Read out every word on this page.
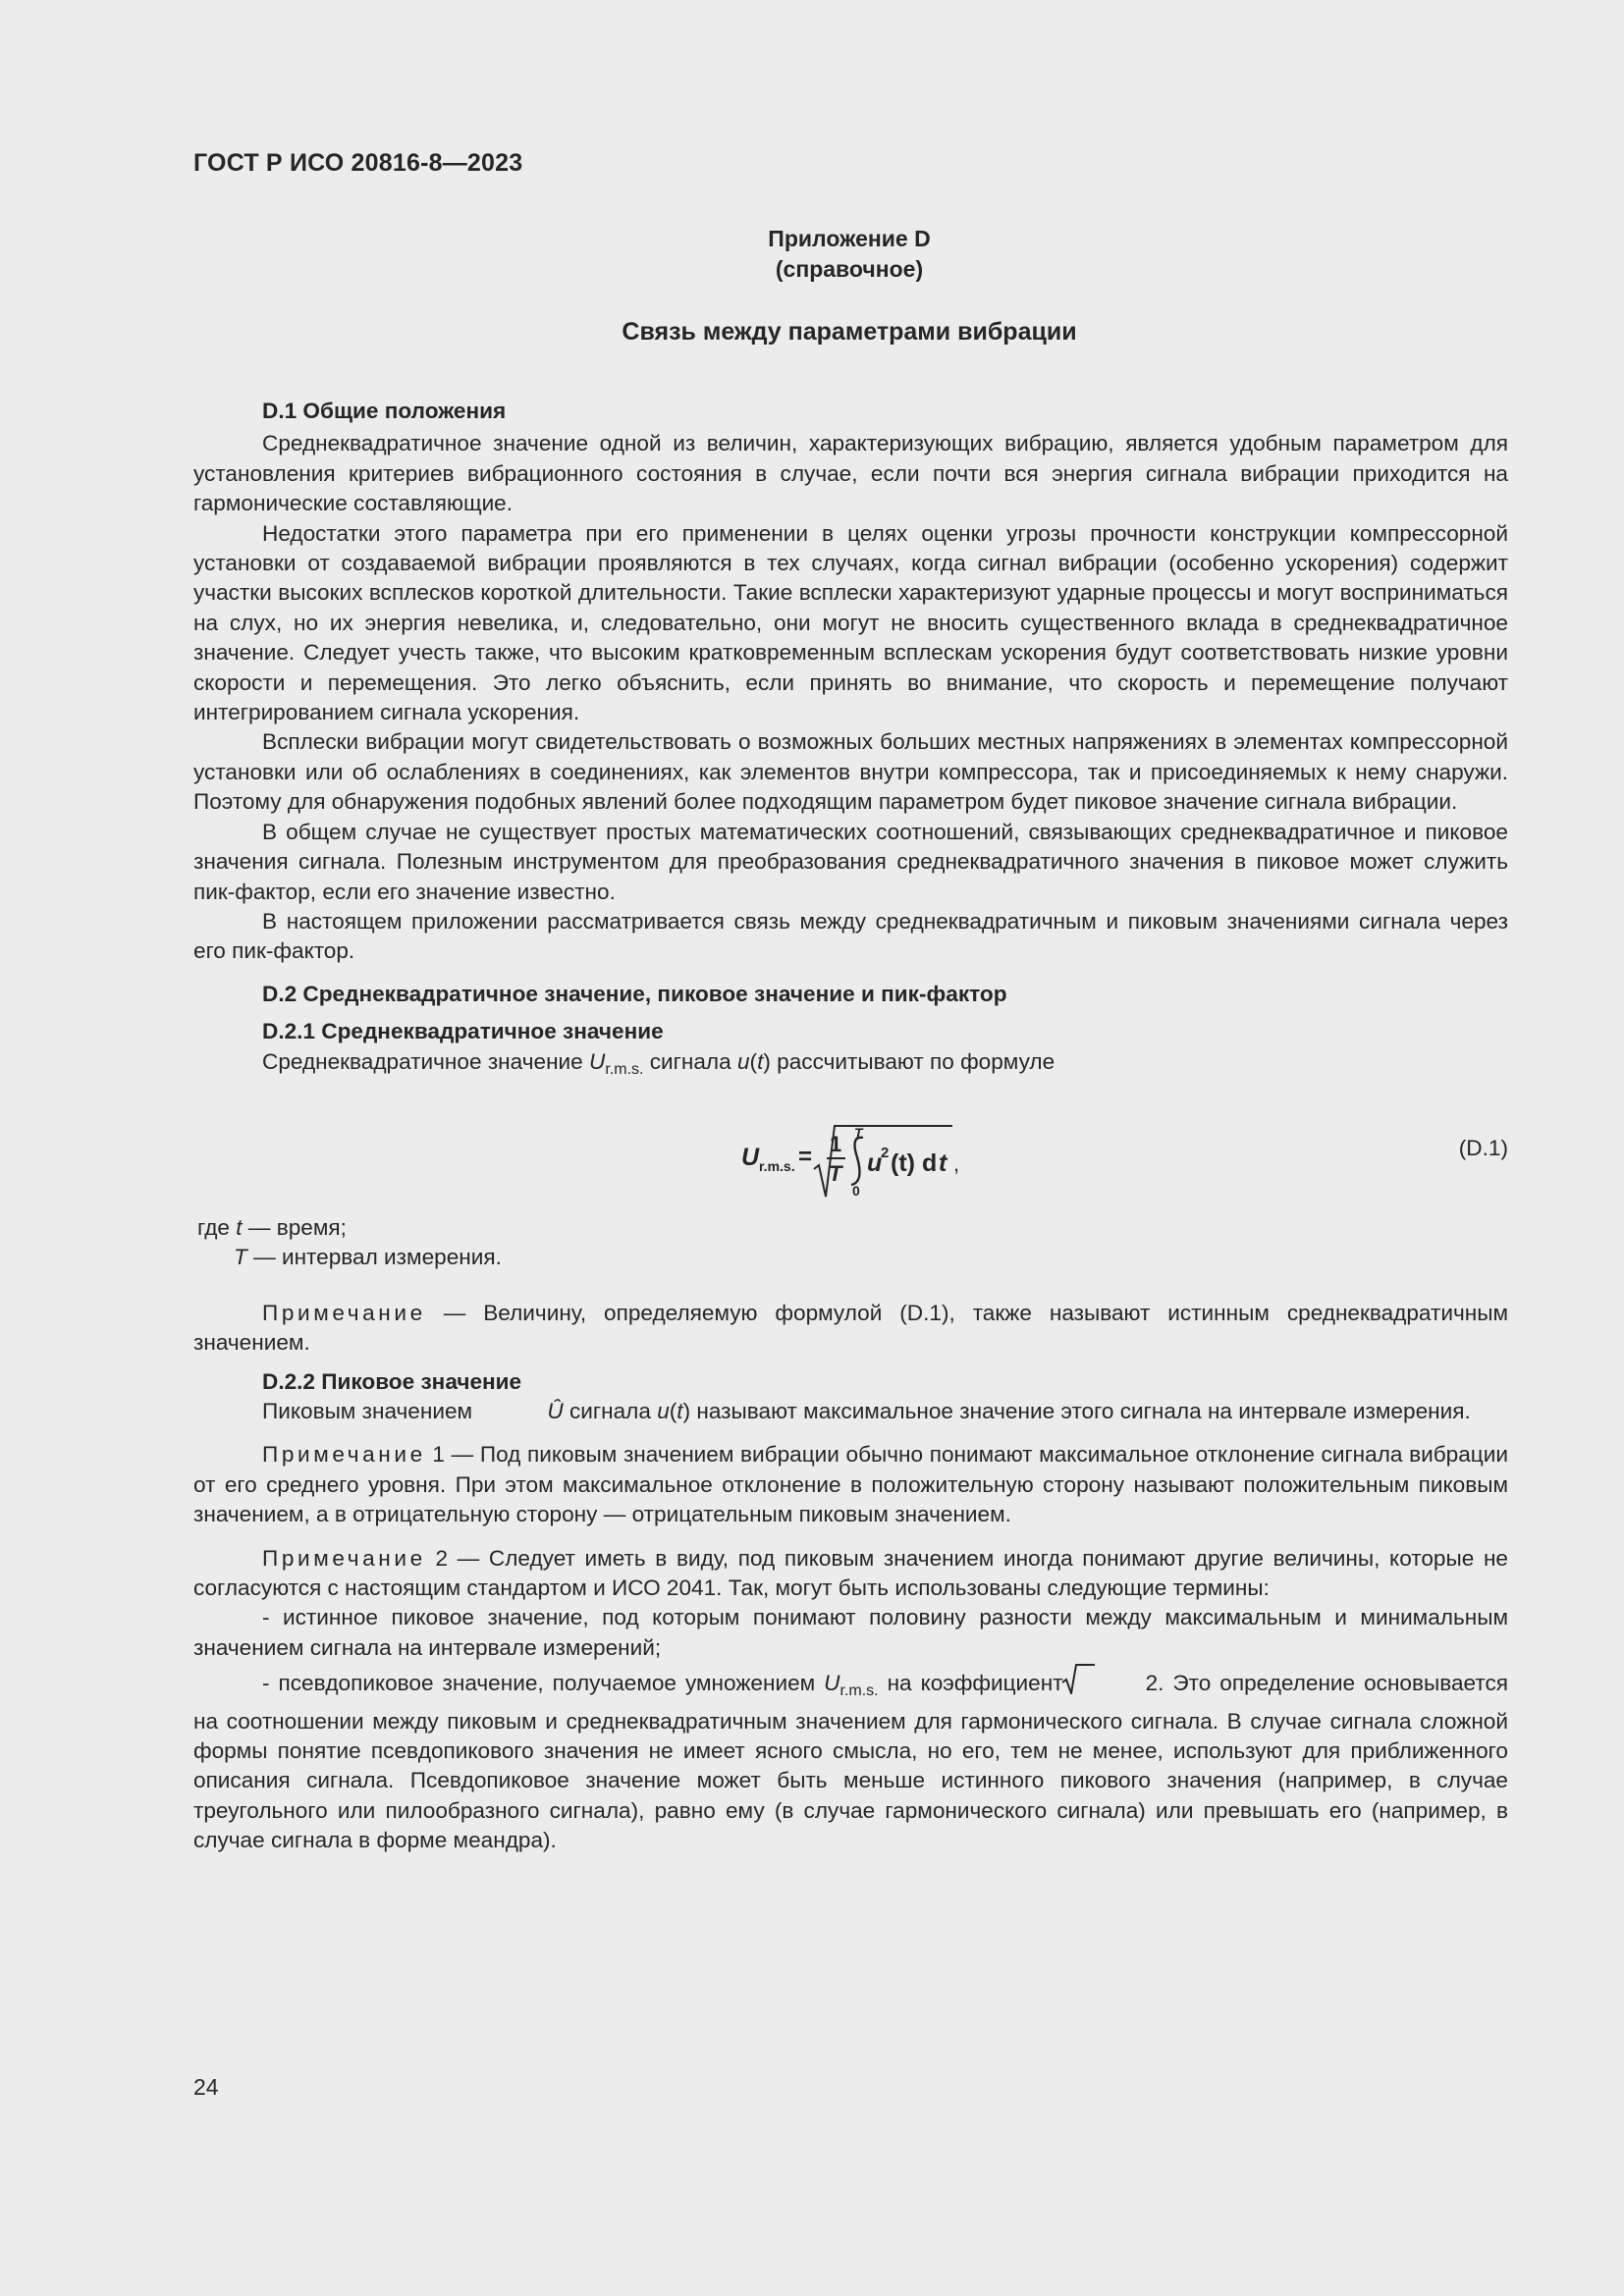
ГОСТ Р ИСО 20816-8—2023
Приложение D
(справочное)
Связь между параметрами вибрации
D.1 Общие положения

Среднеквадратичное значение одной из величин, характеризующих вибрацию, является удобным параметром для установления критериев вибрационного состояния в случае, если почти вся энергия сигнала вибрации приходится на гармонические составляющие.

Недостатки этого параметра при его применении в целях оценки угрозы прочности конструкции компрессорной установки от создаваемой вибрации проявляются в тех случаях, когда сигнал вибрации (особенно ускорения) содержит участки высоких всплесков короткой длительности. Такие всплески характеризуют ударные процессы и могут восприниматься на слух, но их энергия невелика, и, следовательно, они могут не вносить существенного вклада в среднеквадратичное значение. Следует учесть также, что высоким кратковременным всплескам ускорения будут соответствовать низкие уровни скорости и перемещения. Это легко объяснить, если принять во внимание, что скорость и перемещение получают интегрированием сигнала ускорения.

Всплески вибрации могут свидетельствовать о возможных больших местных напряжениях в элементах компрессорной установки или об ослаблениях в соединениях, как элементов внутри компрессора, так и присоединяемых к нему снаружи. Поэтому для обнаружения подобных явлений более подходящим параметром будет пиковое значение сигнала вибрации.

В общем случае не существует простых математических соотношений, связывающих среднеквадратичное и пиковое значения сигнала. Полезным инструментом для преобразования среднеквадратичного значения в пиковое может служить пик-фактор, если его значение известно.

В настоящем приложении рассматривается связь между среднеквадратичным и пиковым значениями сигнала через его пик-фактор.

D.2 Среднеквадратичное значение, пиковое значение и пик-фактор
D.2.1 Среднеквадратичное значение

Среднеквадратичное значение $U_{r.m.s.}$ сигнала u(t) рассчитывают по формуле

U r.m.s. = 1
T
T
0
u
2 (t) d t ,
(D.1)
где t — время;
T — интервал измерения.

Примечание — Величину, определяемую формулой (D.1), также называют истинным среднеквадратичным значением.

D.2.2 Пиковое значение

Пиковым значением	Û сигнала u(t) называют максимальное значение этого сигнала на интервале измерения.

Примечание 1 — Под пиковым значением вибрации обычно понимают максимальное отклонение сигнала вибрации от его среднего уровня. При этом максимальное отклонение в положительную сторону называют положительным пиковым значением, а в отрицательную сторону — отрицательным пиковым значением.

Примечание 2 — Следует иметь в виду, под пиковым значением иногда понимают другие величины, которые не согласуются с настоящим стандартом и ИСО 2041. Так, могут быть использованы следующие термины:

- истинное пиковое значение, под которым понимают половину разности между максимальным и минимальным значением сигнала на интервале измерений;

- псевдопиковое значение, получаемое умножением $U_{r.m.s.}$ на коэффициент	2. Это определение основывается на соотношении между пиковым и среднеквадратичным значением для гармонического сигнала. В случае сигнала сложной формы понятие псевдопикового значения не имеет ясного смысла, но его, тем не менее, используют для приближенного описания сигнала. Псевдопиковое значение может быть меньше истинного пикового значения (например, в случае треугольного или пилообразного сигнала), равно ему (в случае гармонического сигнала) или превышать его (например, в случае сигнала в форме меандра).

24
